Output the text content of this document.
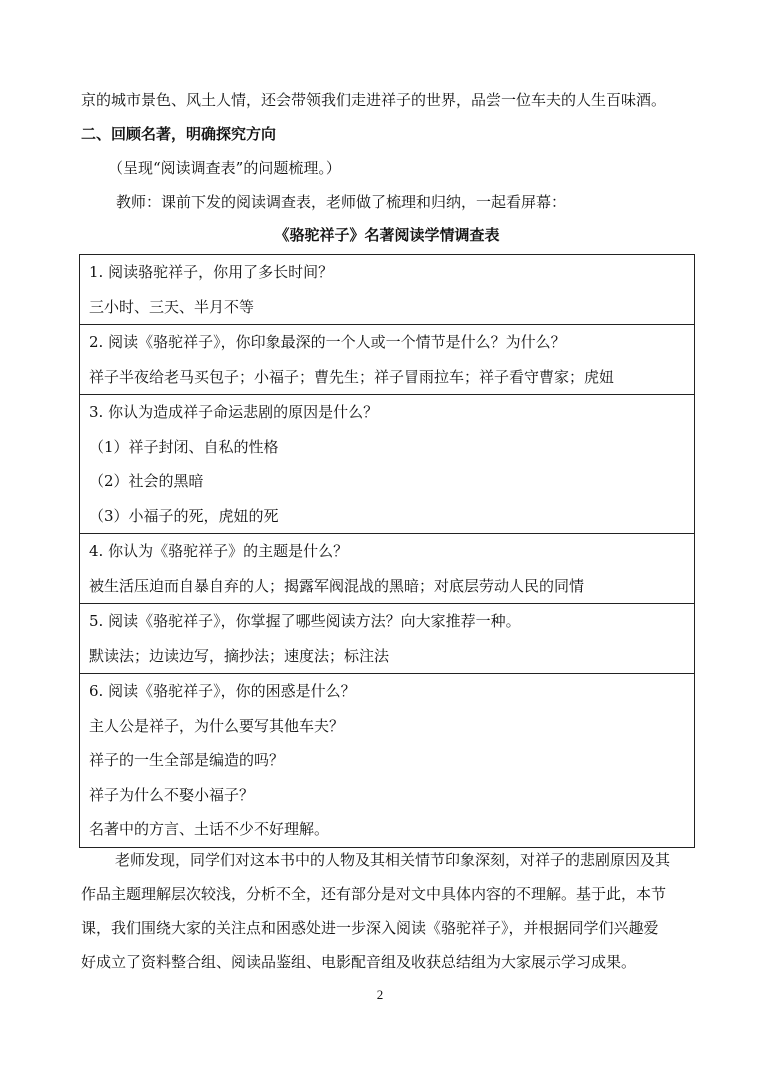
京的城市景色、风土人情，还会带领我们走进祥子的世界，品尝一位车夫的人生百味酒。
二、回顾名著，明确探究方向
（呈现“阅读调查表”的问题梳理。）
教师：课前下发的阅读调查表，老师做了梳理和归纳，一起看屏幕：
《骆驼祥子》名著阅读学情调查表
1. 阅读骆驼祥子，你用了多长时间？
三小时、三天、半月不等

2. 阅读《骆驼祥子》，你印象最深的一个人或一个情节是什么？为什么？
祥子半夜给老马买包子；小福子；曹先生；祥子冒雨拉车；祥子看守曹家；虎妞

3. 你认为造成祥子命运悲剧的原因是什么？
（1）祥子封闭、自私的性格
（2）社会的黑暗
（3）小福子的死，虎妞的死

4. 你认为《骆驼祥子》的主题是什么？
被生活压迫而自暴自弃的人；揭露军阀混战的黑暗；对底层劳动人民的同情

5. 阅读《骆驼祥子》，你掌握了哪些阅读方法？向大家推荐一种。
默读法；边读边写，摘抄法；速度法；标注法

6. 阅读《骆驼祥子》，你的困惑是什么？
主人公是祥子，为什么要写其他车夫？
祥子的一生全部是编造的吗？
祥子为什么不娶小福子？
名著中的方言、土话不少不好理解。
老师发现，同学们对这本书中的人物及其相关情节印象深刻，对祥子的悲剧原因及其
作品主题理解层次较浅，分析不全，还有部分是对文中具体内容的不理解。基于此，本节
课，我们围绕大家的关注点和困惑处进一步深入阅读《骆驼祥子》，并根据同学们兴趣爱
好成立了资料整合组、阅读品鉴组、电影配音组及收获总结组为大家展示学习成果。
2
